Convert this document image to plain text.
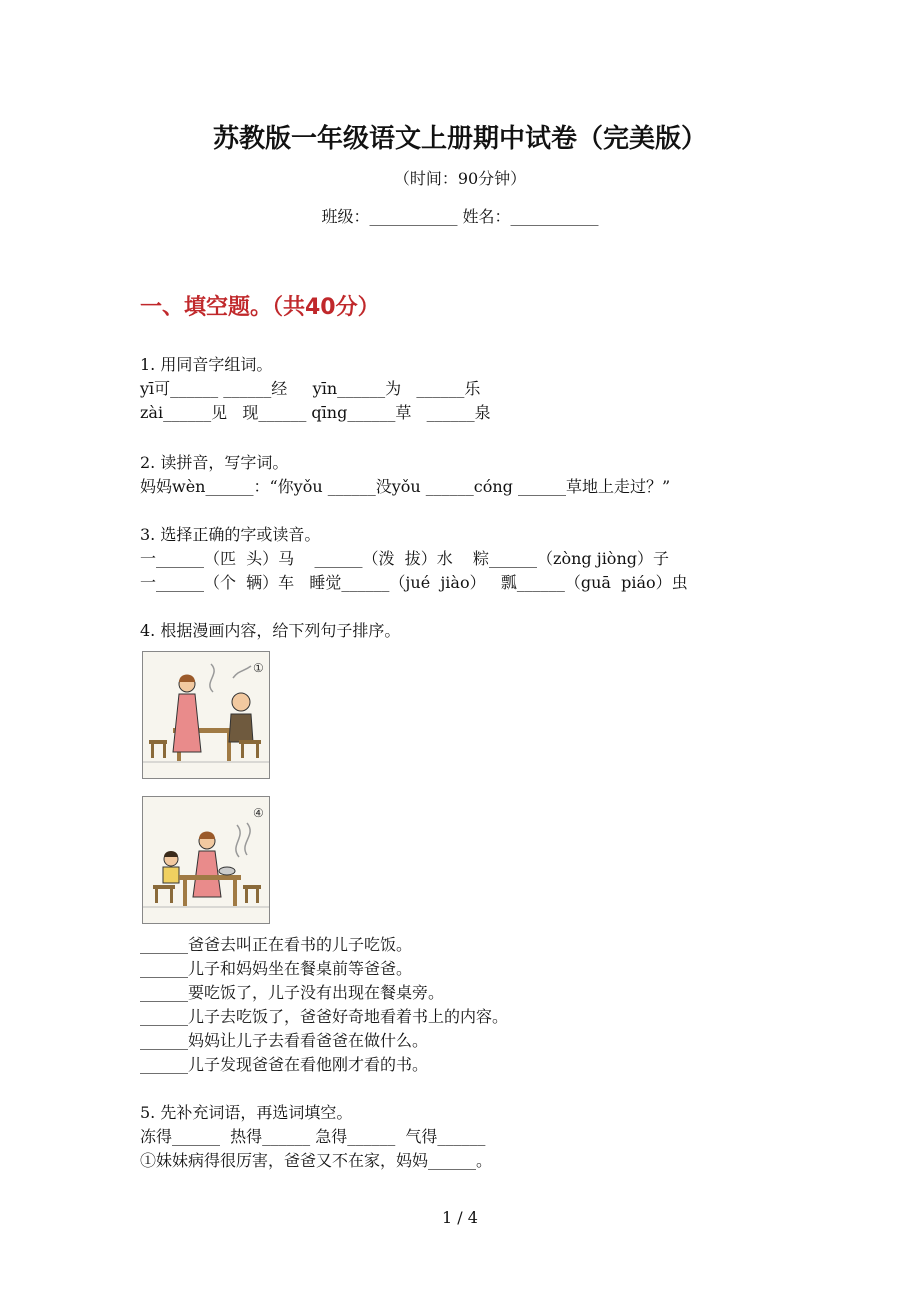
苏教版一年级语文上册期中试卷（完美版）
（时间：90分钟）
班级：___________ 姓名：___________
一、填空题。（共40分）
1. 用同音字组词。
yī可______ ______经     yīn______为   ______乐
zài______见   现______ qīng______草   ______泉
2. 读拼音，写字词。
妈妈wèn______：“你yǒu ______没yǒu ______cóng ______草地上走过？”
3. 选择正确的字或读音。
一______（匹  头）马    ______（泼  拔）水    粽______（zòng jiòng）子
一______（个  辆）车   睡觉______（jué  jiào）   瓢______（guā  piáo）虫
4. 根据漫画内容，给下列句子排序。
①
④
______爸爸去叫正在看书的儿子吃饭。
______儿子和妈妈坐在餐桌前等爸爸。
______要吃饭了，儿子没有出现在餐桌旁。
______儿子去吃饭了，爸爸好奇地看着书上的内容。
______妈妈让儿子去看看爸爸在做什么。
______儿子发现爸爸在看他刚才看的书。
5. 先补充词语，再选词填空。
冻得______  热得______ 急得______  气得______
①妹妹病得很厉害，爸爸又不在家，妈妈______。
1 / 4
